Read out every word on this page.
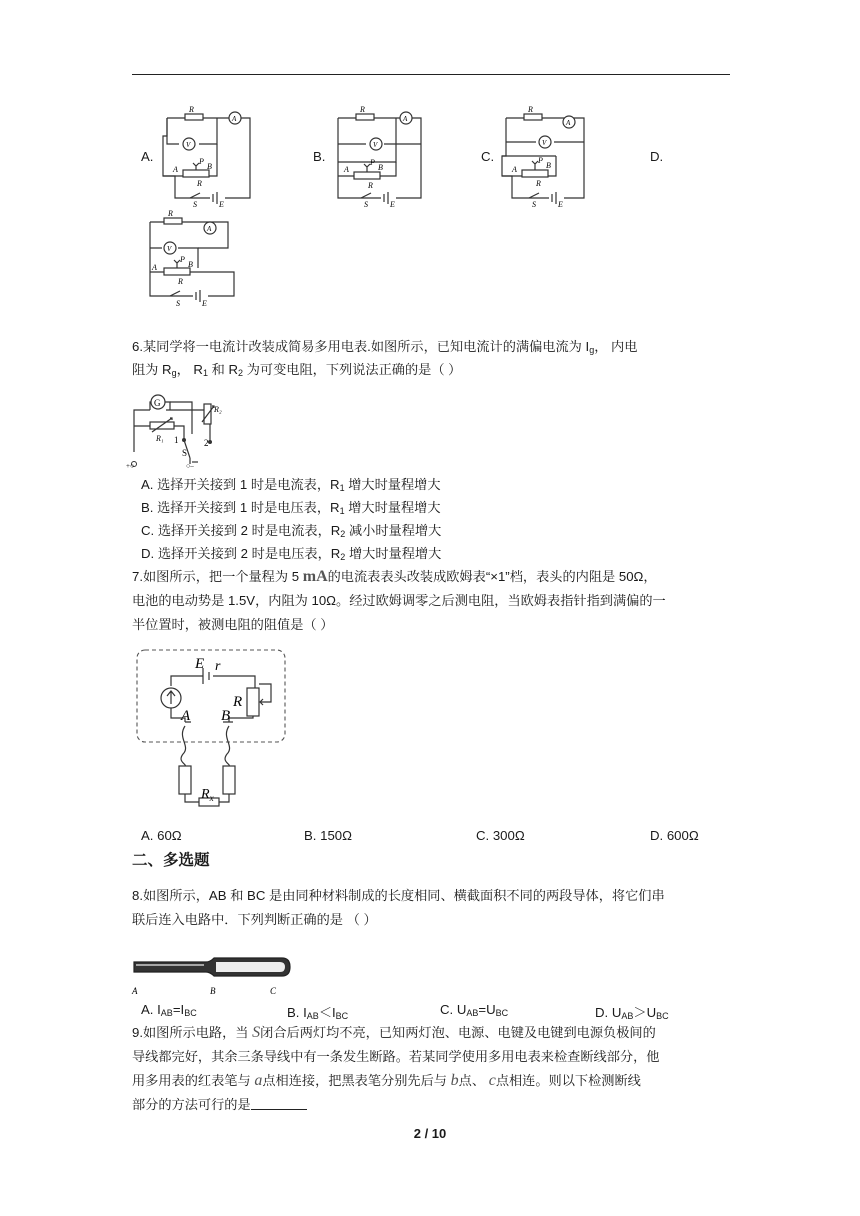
A.	B.	C.	D.
R
A
V
A
P
B
R
S	E
R
A
V
A
P
B
R
S	E
R
A
V
A
P
B
R
S	E
R
A
V
A
P
B
R
S	E
6.某同学将一电流计改装成简易多用电表.如图所示，已知电流计的满偏电流为 $I_g$， 内电
阻为 $R_g$， $R_1$ 和 $R_2$ 为可变电阻，下列说法正确的是（ ）
G
R₁
R₂
1	2
S
+○	○–
A. 选择开关接到 1 时是电流表，$R_1$ 增大时量程增大
B. 选择开关接到 1 时是电压表，$R_1$ 增大时量程增大
C. 选择开关接到 2 时是电流表，$R_2$ 减小时量程增大
D. 选择开关接到 2 时是电压表，$R_2$ 增大时量程增大
7.如图所示，把一个量程为 5 mA的电流表表头改装成欧姆表“×1”档，表头的内阻是 50Ω，
电池的电动势是 1.5V，内阻为 10Ω。经过欧姆调零之后测电阻，当欧姆表指针指到满偏的一
半位置时，被测电阻的阻值是（ ）
E r
R
A B
$R_x$
A. 60Ω	B. 150Ω	C. 300Ω	D. 600Ω
二、多选题
8.如图所示，AB 和 BC 是由同种材料制成的长度相同、横截面积不同的两段导体，将它们串
联后连入电路中．下列判断正确的是 （ ）
A	B	C
A. $I_{AB}=I_{BC}$	B. $I_{AB}<I_{BC}$	C. $U_{AB}=U_{BC}$	D. $U_{AB}>U_{BC}$
9.如图所示电路，当 S闭合后两灯均不亮，已知两灯泡、电源、电键及电键到电源负极间的
导线都完好，其余三条导线中有一条发生断路。若某同学使用多用电表来检查断线部分，他
用多用表的红表笔与 a点相连接，把黑表笔分别先后与 b点、 c点相连。则以下检测断线
部分的方法可行的是
2 / 10
